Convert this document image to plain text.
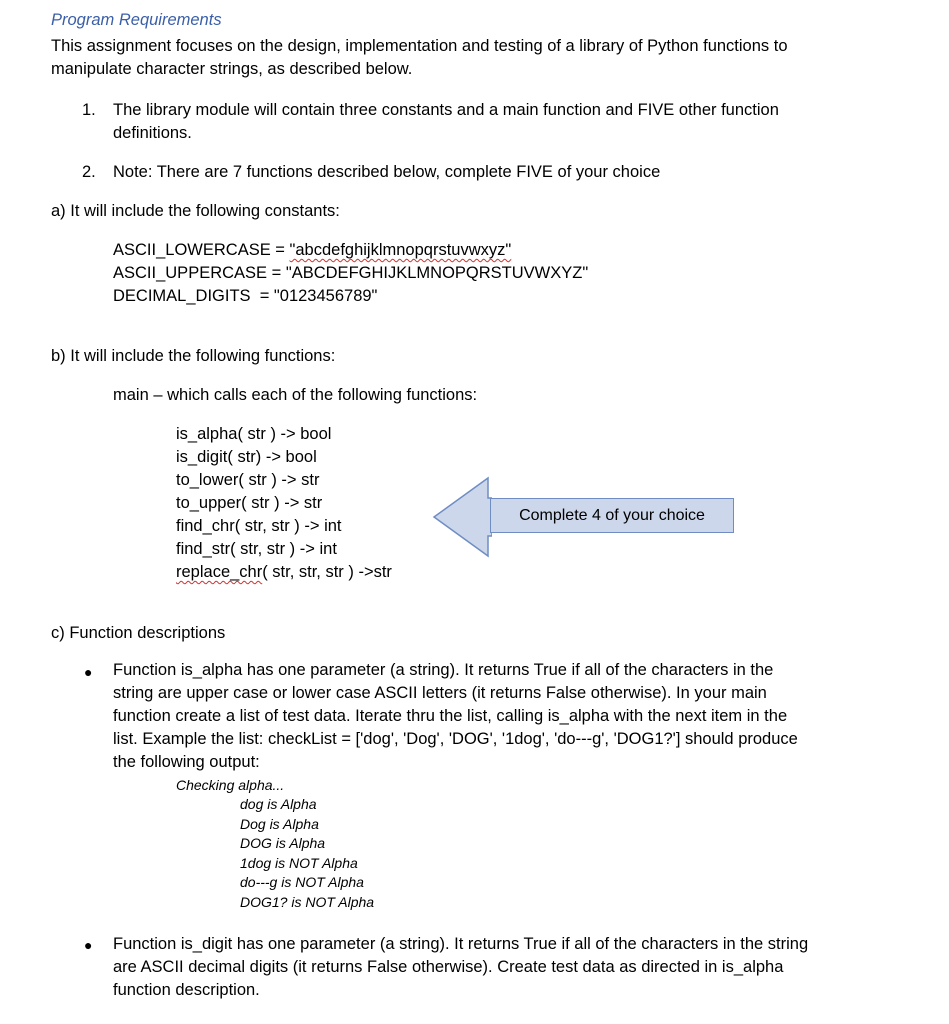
Program Requirements
This assignment focuses on the design, implementation and testing of a library of Python functions to
manipulate character strings, as described below.
1. The library module will contain three constants and a main function and FIVE other function
definitions.
2. Note: There are 7 functions described below, complete FIVE of your choice
a) It will include the following constants:
ASCII_LOWERCASE = "abcdefghijklmnopqrstuvwxyz"
ASCII_UPPERCASE = "ABCDEFGHIJKLMNOPQRSTUVWXYZ"
DECIMAL_DIGITS  = "0123456789"
b) It will include the following functions:
main – which calls each of the following functions:
is_alpha( str ) -> bool
is_digit( str) -> bool
to_lower( str ) -> str
to_upper( str ) -> str
find_chr( str, str ) -> int
find_str( str, str ) -> int
replace_chr( str, str, str ) ->str
Complete 4 of your choice
c) Function descriptions
● Function is_alpha has one parameter (a string). It returns True if all of the characters in the
string are upper case or lower case ASCII letters (it returns False otherwise). In your main
function create a list of test data. Iterate thru the list, calling is_alpha with the next item in the
list. Example the list: checkList = ['dog', 'Dog', 'DOG', '1dog', 'do---g', 'DOG1?'] should produce
the following output:
Checking alpha...
dog is Alpha
Dog is Alpha
DOG is Alpha
1dog is NOT Alpha
do---g is NOT Alpha
DOG1? is NOT Alpha
● Function is_digit has one parameter (a string). It returns True if all of the characters in the string
are ASCII decimal digits (it returns False otherwise). Create test data as directed in is_alpha
function description.
